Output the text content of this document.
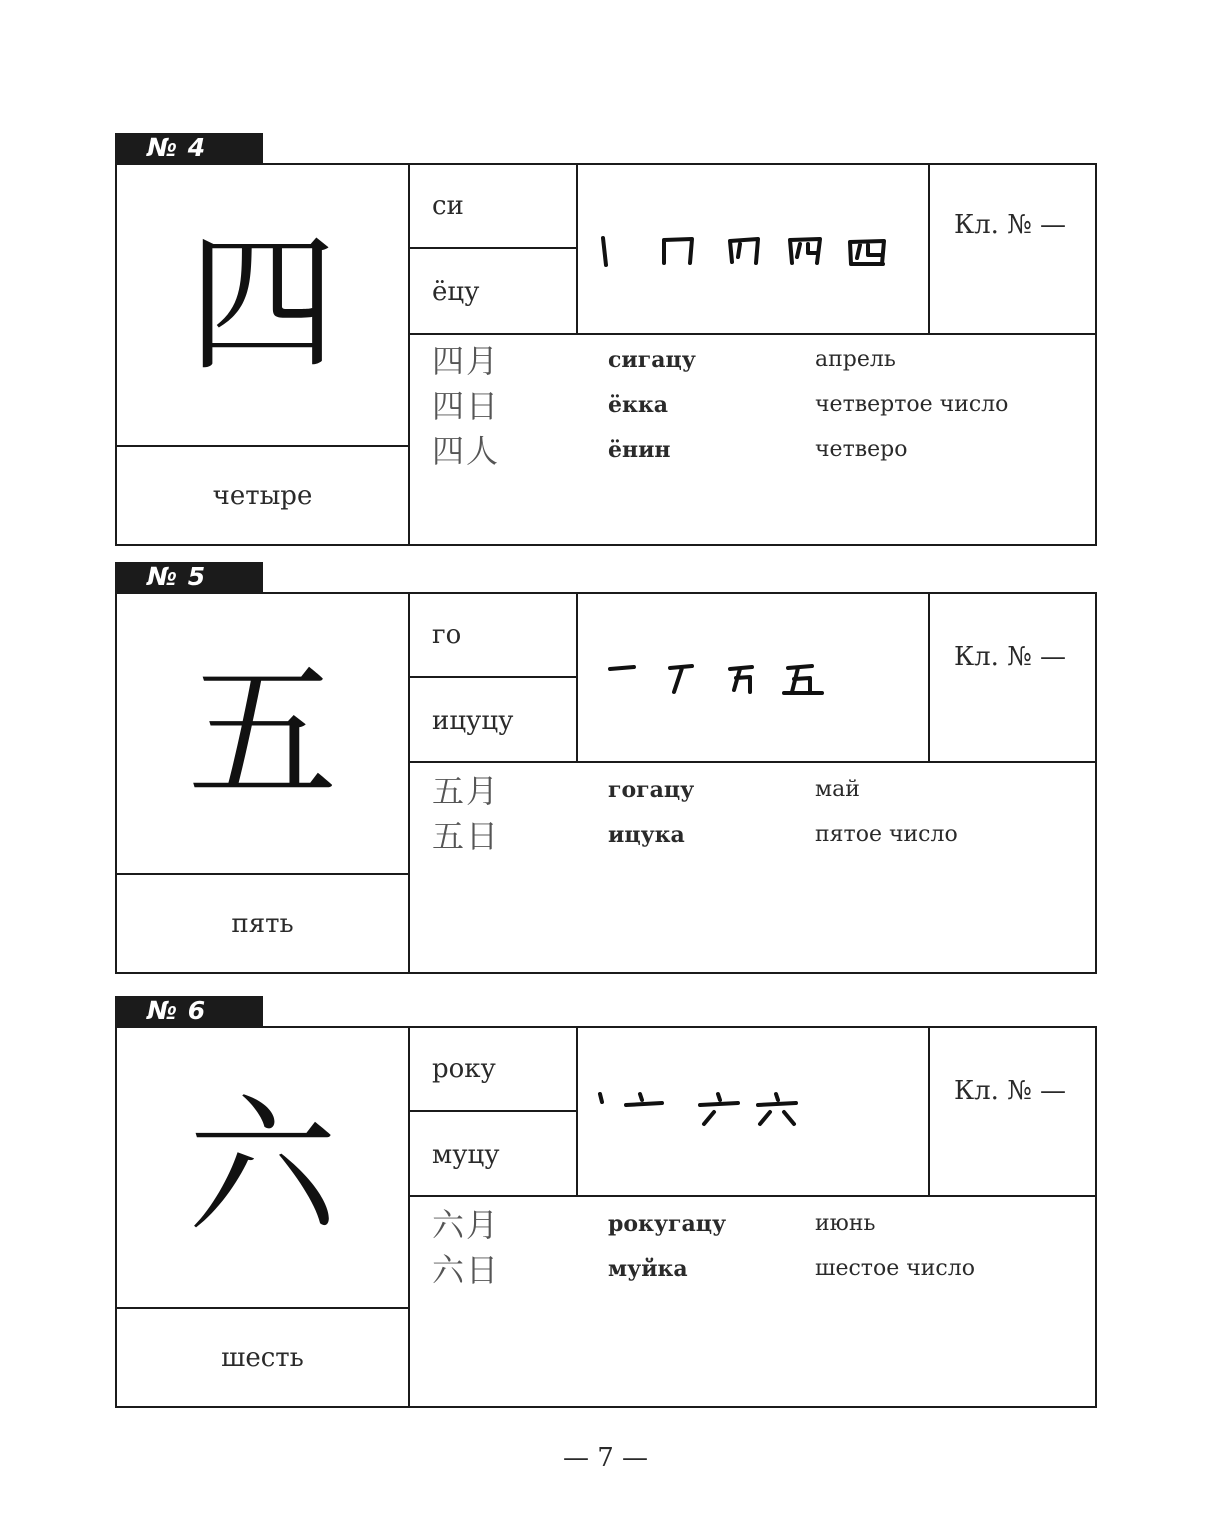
№ 4
四
четыре
си
ёцу
Кл. № —
四月	сигацу	апрель
四日	ёкка	четвертое число
四人	ёнин	четверо
№ 5
五
пять
го
ицуцу
Кл. № —
五月	гогацу	май
五日	ицука	пятое число
№ 6
六
шесть
року
муцу
Кл. № —
六月	рокугацу	июнь
六日	муйка	шестое число
— 7 —
